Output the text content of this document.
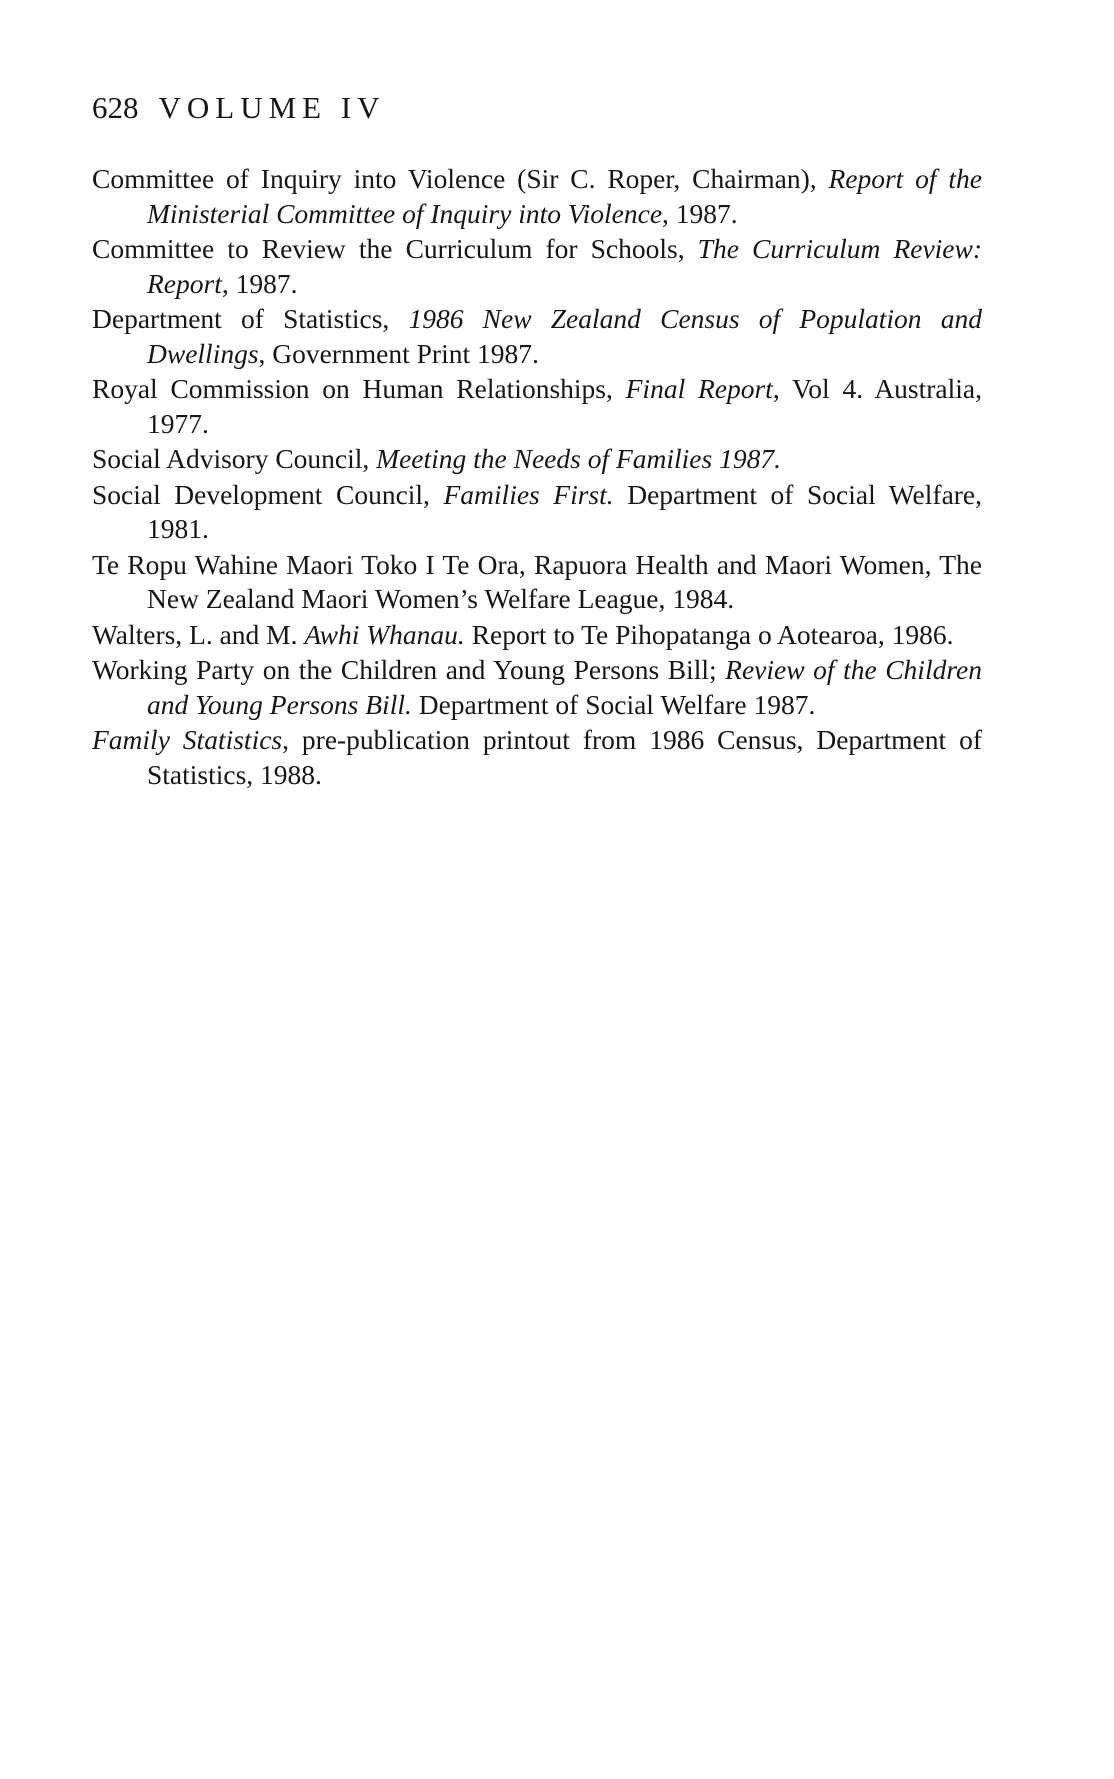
628 VOLUME IV
Committee of Inquiry into Violence (Sir C. Roper, Chairman), Report of the Ministerial Committee of Inquiry into Violence, 1987.
Committee to Review the Curriculum for Schools, The Curriculum Review: Report, 1987.
Department of Statistics, 1986 New Zealand Census of Population and Dwellings, Government Print 1987.
Royal Commission on Human Relationships, Final Report, Vol 4. Australia, 1977.
Social Advisory Council, Meeting the Needs of Families 1987.
Social Development Council, Families First. Department of Social Welfare, 1981.
Te Ropu Wahine Maori Toko I Te Ora, Rapuora Health and Maori Women, The New Zealand Maori Women’s Welfare League, 1984.
Walters, L. and M. Awhi Whanau. Report to Te Pihopatanga o Aotearoa, 1986.
Working Party on the Children and Young Persons Bill; Review of the Children and Young Persons Bill. Department of Social Welfare 1987.
Family Statistics, pre-publication printout from 1986 Census, Department of Statistics, 1988.
